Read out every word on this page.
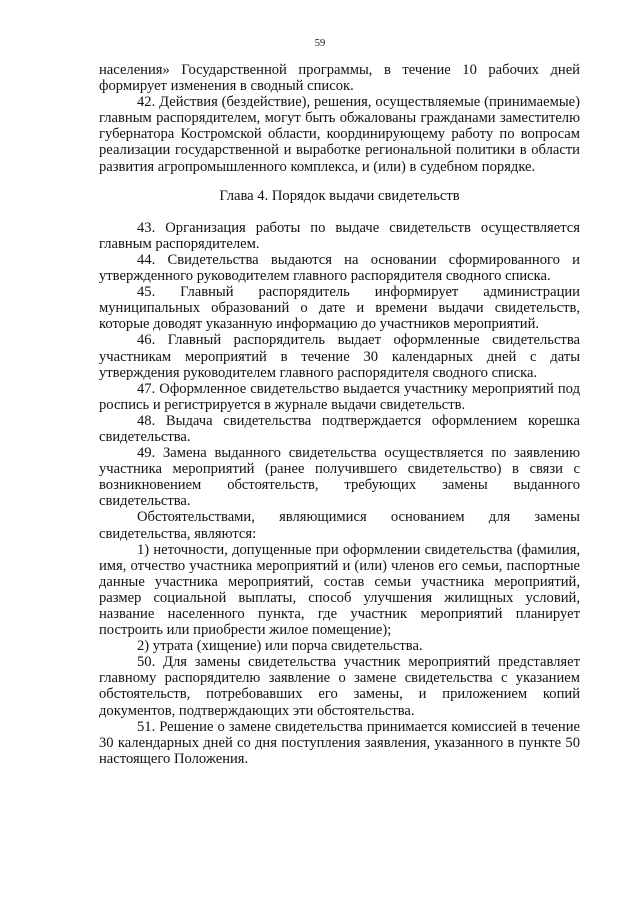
59

населения» Государственной программы, в течение 10 рабочих дней формирует изменения в сводный список.

42. Действия (бездействие), решения, осуществляемые (принимаемые) главным распорядителем, могут быть обжалованы гражданами заместителю губернатора Костромской области, координирующему работу по вопросам реализации государственной и выработке региональной политики в области развития агропромышленного комплекса, и (или) в судебном порядке.

Глава 4. Порядок выдачи свидетельств

43. Организация работы по выдаче свидетельств осуществляется главным распорядителем.

44. Свидетельства выдаются на основании сформированного и утвержденного руководителем главного распорядителя сводного списка.

45. Главный распорядитель информирует администрации муниципальных образований о дате и времени выдачи свидетельств, которые доводят указанную информацию до участников мероприятий.

46. Главный распорядитель выдает оформленные свидетельства участникам мероприятий в течение 30 календарных дней с даты утверждения руководителем главного распорядителя сводного списка.

47. Оформленное свидетельство выдается участнику мероприятий под роспись и регистрируется в журнале выдачи свидетельств.

48. Выдача свидетельства подтверждается оформлением корешка свидетельства.

49. Замена выданного свидетельства осуществляется по заявлению участника мероприятий (ранее получившего свидетельство) в связи с возникновением обстоятельств, требующих замены выданного свидетельства.

Обстоятельствами, являющимися основанием для замены свидетельства, являются:

1) неточности, допущенные при оформлении свидетельства (фамилия, имя, отчество участника мероприятий и (или) членов его семьи, паспортные данные участника мероприятий, состав семьи участника мероприятий, размер социальной выплаты, способ улучшения жилищных условий, название населенного пункта, где участник мероприятий планирует построить или приобрести жилое помещение);

2) утрата (хищение) или порча свидетельства.

50. Для замены свидетельства участник мероприятий представляет главному распорядителю заявление о замене свидетельства с указанием обстоятельств, потребовавших его замены, и приложением копий документов, подтверждающих эти обстоятельства.

51. Решение о замене свидетельства принимается комиссией в течение 30 календарных дней со дня поступления заявления, указанного в пункте 50 настоящего Положения.
